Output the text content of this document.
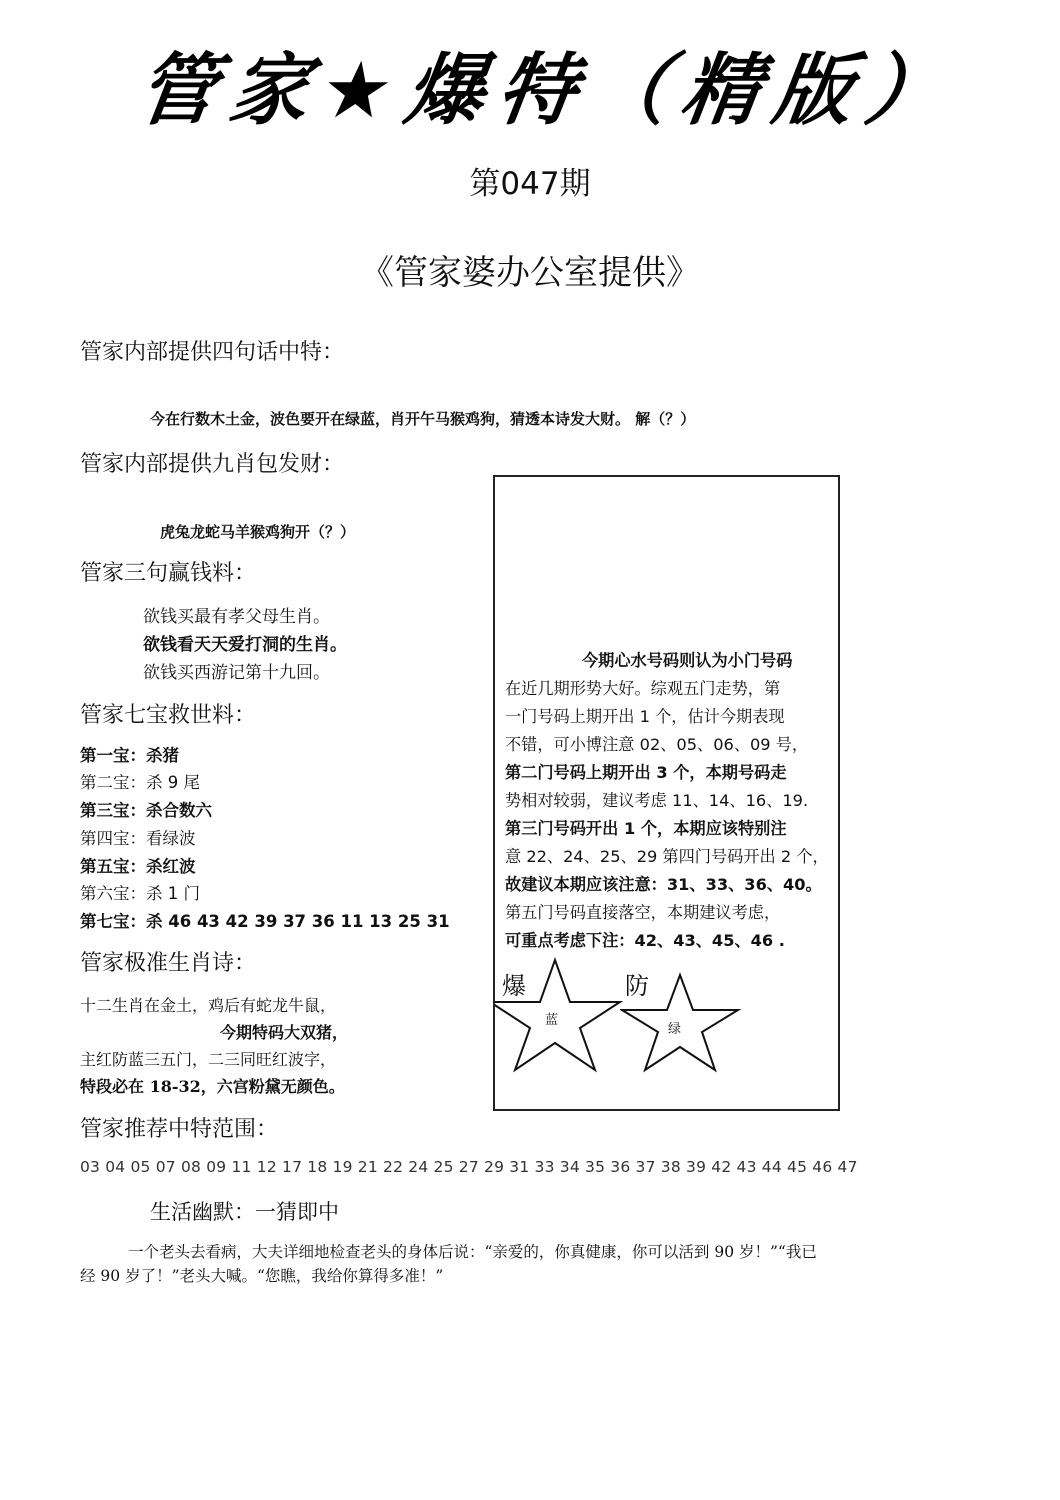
管家★爆特（精版）
第047期
《管家婆办公室提供》
管家内部提供四句话中特：
今在行数木土金，波色要开在绿蓝，肖开午马猴鸡狗，猜透本诗发大财。 解（？）
管家内部提供九肖包发财：
虎兔龙蛇马羊猴鸡狗开（？）
管家三句赢钱料：
欲钱买最有孝父母生肖。
欲钱看天天爱打洞的生肖。
欲钱买西游记第十九回。
管家七宝救世料：
第一宝：杀猪
第二宝：杀 9 尾
第三宝：杀合数六
第四宝：看绿波
第五宝：杀红波
第六宝：杀 1 门
第七宝：杀 46 43 42 39 37 36 11 13 25 31
管家极准生肖诗：
十二生肖在金土，鸡后有蛇龙牛鼠，
今期特码大双猪，
主红防蓝三五门，二三同旺红波字，
特段必在 18-32，六宫粉黛无颜色。
管家推荐中特范围：
03 04 05 07 08 09 11 12 17 18 19 21 22 24 25 27 29 31 33 34 35 36 37 38 39 42 43 44 45 46 47
今期心水号码则认为小门号码
在近几期形势大好。综观五门走势，第
一门号码上期开出 1 个，估计今期表现
不错，可小博注意 02、05、06、09 号，
第二门号码上期开出 3 个，本期号码走
势相对较弱，建议考虑 11、14、16、19.
第三门号码开出 1 个，本期应该特别注
意 22、24、25、29 第四门号码开出 2 个，
故建议本期应该注意：31、33、36、40。
第五门号码直接落空，本期建议考虑，
可重点考虑下注：42、43、45、46 .
爆	防
蓝
绿
生活幽默：一猜即中
一个老头去看病，大夫详细地检查老头的身体后说：“亲爱的，你真健康，你可以活到 90 岁！”“我已
经 90 岁了！”老头大喊。“您瞧，我给你算得多准！”
